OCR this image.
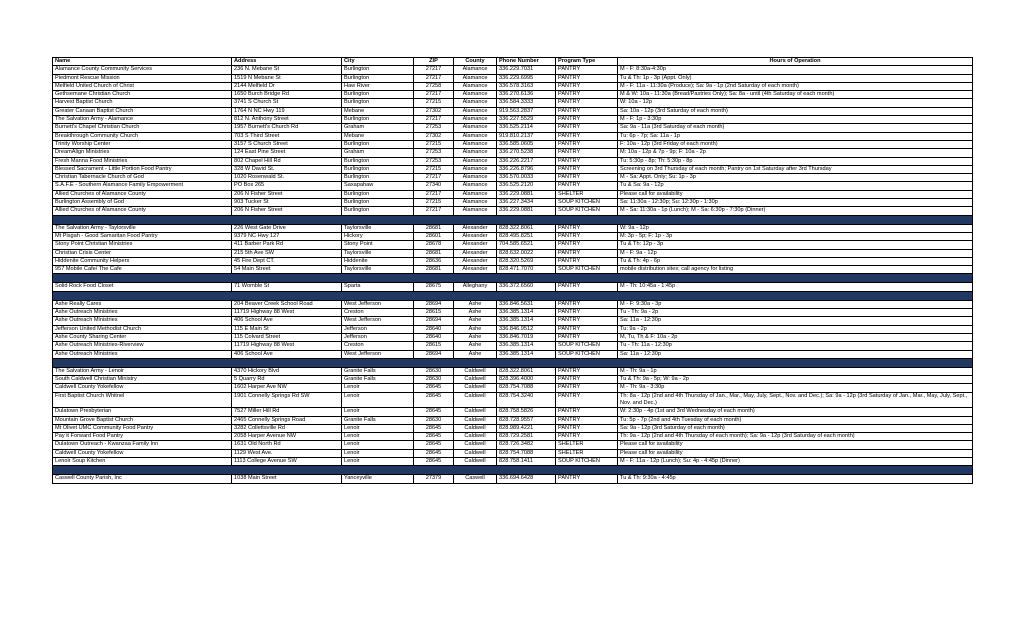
Name	Address	City	ZIP	County	Phone Number	Program Type	Hours of Operation
Alamance County Community Services	236 N. Mebane St	Burlington	27217	Alamance	336.229.7031	PANTRY	M - F: 8:30a-4:30p
Piedmont Rescue Mission	1519 N Mebane St	Burlington	27217	Alamance	336.229.6995	PANTRY	Tu & Th: 1p - 3p (Appt. Only)
Melfield United Church of Christ	2144 Melfield Dr	Haw River	27258	Alamance	336.578.3163	PANTRY	M - F: 11a - 11:30a (Produce); Sa: 9a - 1p (2nd Saturday of each month)
Gethsemane Christian Church	1650 Burch Bridge Rd	Burlington	27217	Alamance	336.270.6136	PANTRY	M & W: 10a - 11:30a (Bread/Pastries Only); Sa: 8a - until (4th Saturday of each month)
Harvest Baptist Church	3741 S Church St	Burlington	27215	Alamance	336.584.3333	PANTRY	W: 10a - 12p
Greater Canaan Baptist Church	1764 N NC Hwy 119	Mebane	27302	Alamance	919.563.2837	PANTRY	Sa: 10a - 12p (3rd Saturday of each month)
The Salvation Army - Alamance	812 N. Anthony Street	Burlington	27217	Alamance	336.227.5529	PANTRY	M - F: 1p - 3:30p
Burnett's Chapel Christian Church	1957 Burnett's Church Rd	Graham	27253	Alamance	336.525.2114	PANTRY	Sa: 9a - 11a (3rd Saturday of each month)
Breakthrough Community Church	703 S Third Street	Mebane	27302	Alamance	919.810.2137	PANTRY	Tu: 6p - 7p; Sa: 11a - 1p
Trinity Worship Center	3157 S Church Street	Burlington	27215	Alamance	336.585.0605	PANTRY	F: 10a - 12p (3rd Friday of each month)
DreamAlign Ministries	124 East Pine Street	Graham	27253	Alamance	336.270.5238	PANTRY	M: 10a - 12p & 7p - 9p; F: 10a - 2p
Fresh Manna Food Ministries	802 Chapel Hill Rd	Burlington	27253	Alamance	336.226.2217	PANTRY	Tu: 5:30p - 8p; Th: 5:30p - 8p
Blessed Sacrament - Little Portion Food Pantry	328 W David St.	Burlington	27215	Alamance	336.226.8796	PANTRY	Screening on 3rd Thursday of each month; Pantry on 1st Saturday after 3rd Thursday
Christian Tabernacle Church of God	1020 Rosenwald St.	Burlington	27217	Alamance	336.570.0033	PANTRY	M - Sa: Appt. Only; Su: 1p - 3p
S.A.F.E - Southern Alamance Family Empowerment	PO Box 265	Saxapahaw	27340	Alamance	336.525.2120	PANTRY	Tu & Sa: 9a - 12p
Allied Churches of Alamance County	206 N Fisher Street	Burlington	27217	Alamance	336.229.0881	SHELTER	Please call for availability
Burlington Assembly of God	903 Tucker St	Burlington	27215	Alamance	336.227.3434	SOUP KITCHEN	Sa: 11:30a - 12:30p; Su: 12:30p - 1:30p
Allied Churches of Alamance County	206 N Fisher Street	Burlington	27217	Alamance	336.229.0881	SOUP KITCHEN	M - Sa: 11:30a - 1p (Lunch); M - Sa: 6:30p - 7:30p (Dinner)

The Salvation Army - Taylorsville	226 West Gate Drive	Taylorsville	28681	Alexander	828.322.8061	PANTRY	W: 9a - 12p
Mt Pisgah - Good Samaritan Food Pantry	9379 NC Hwy 127	Hickory	28601	Alexander	828.495.8251	PANTRY	M: 3p - 5p; F: 1p - 3p
Stony Point Christian Ministries	411 Barber Park Rd	Stony Point	28678	Alexander	704.585.6521	PANTRY	Tu & Th: 12p - 3p
Christian Crisis Center	215 5th Ave SW	Taylorsville	28681	Alexander	828.632.0022	PANTRY	M - F: 9a - 12p
Hiddenite Community Helpers	45 Fire Dept CT.	Hiddenite	28636	Alexander	828.320.5269	PANTRY	Tu & Th: 4p - 6p
957 Mobile Cafe/ The Cafe	54 Main Street	Taylorsville	28681	Alexander	828.471.7070	SOUP KITCHEN	mobile distribution sites; call agency for listing

Solid Rock Food Closet	71 Womble St	Sparta	28675	Alleghany	336.372.6560	PANTRY	M - Th: 10:45a - 1:45p

Ashe Really Cares	204 Beaver Creek School Road	West Jefferson	28694	Ashe	336.846.5631	PANTRY	M - F: 9:30a - 3p
Ashe Outreach Ministries	11719 Highway 88 West	Creston	28615	Ashe	336.385.1314	PANTRY	Tu - Th: 9a - 2p
Ashe Outreach Ministries	406 School Ave	West Jefferson	28694	Ashe	336.385.1314	PANTRY	Sa: 11a - 12:30p
Jefferson United Methodist Church	115 E Main St	Jefferson	28640	Ashe	336.846.9512	PANTRY	Tu: 9a - 2p
Ashe County Sharing Center	115 Colvard Street	Jefferson	28640	Ashe	336.846.7019	PANTRY	M, Tu, Th & F: 10a - 2p
Ashe Outreach Ministries-Riverview	11719 Highway 88 West	Creston	28615	Ashe	336.385.1314	SOUP KITCHEN	Tu - Th: 11a - 12:30p
Ashe Outreach Ministries	406 School Ave	West Jefferson	28694	Ashe	336.385.1314	SOUP KITCHEN	Sa: 11a - 12:30p

The Salvation Army - Lenoir	4370 Hickory Blvd	Granite Falls	28630	Caldwell	828.322.8061	PANTRY	M - Th: 9a - 1p
South Caldwell Christian Ministry	5 Quarry Rd	Granite Falls	28630	Caldwell	828.396.4000	PANTRY	Tu & Th: 9a - 5p; W: 9a - 2p
Caldwell County Yokefellow	1602 Harper Ave NW	Lenoir	28645	Caldwell	828.754.7088	PANTRY	M - Th: 9a - 3:30p
First Baptist Church Whitnel	1901 Connelly Springs Rd SW	Lenoir	28645	Caldwell	828.754.3240	PANTRY	Th: 8a - 12p (2nd and 4th Thursday of Jan., Mar., May, July, Sept., Nov. and Dec.); Sa: 9a - 12p (3rd Saturday of Jan., Mar., May, July, Sept., Nov. and Dec.)
Dulatown Presbyterian	7527 Miller Hill Rd	Lenoir	28645	Caldwell	828.758.5826	PANTRY	W: 2:30p - 4p (1st and 3rd Wednesday of each month)
Mountain Grove Baptist Church	2465 Connelly Springs Road	Granite Falls	28630	Caldwell	828.728.9557	PANTRY	Tu: 5p - 7p (2nd and 4th Tuesday of each month)
Mt Olivet UMC Community Food Pantry	3282 Collettsville Rd	Lenoir	28645	Caldwell	828.989.4221	PANTRY	Sa: 9a - 12p (3rd Saturday of each month)
Pay it Forward Food Pantry	2058 Harper Avenue NW	Lenoir	28645	Caldwell	828.729.2581	PANTRY	Th: 9a - 12p (2nd and 4th Thursday of each month); Sa: 9a - 12p (3rd Saturday of each month)
Dulatown Outreach - Kwanzaa Family Inn	1631 Old North Rd	Lenoir	28645	Caldwell	828.726.3482	SHELTER	Please call for availability
Caldwell County Yokefellow	1129 West Ave.	Lenoir	28645	Caldwell	828.754.7088	SHELTER	Please call for availability
Lenoir Soup Kitchen	1113 College Avenue SW	Lenoir	28645	Caldwell	828.758.1411	SOUP KITCHEN	M - F: 11a - 12p (Lunch); Su: 4p - 4:45p (Dinner)

Caswell County Parish, Inc	1038 Main Street	Yanceyville	27379	Caswell	336.694.6428	PANTRY	Tu & Th: 9:30a - 4:45p
